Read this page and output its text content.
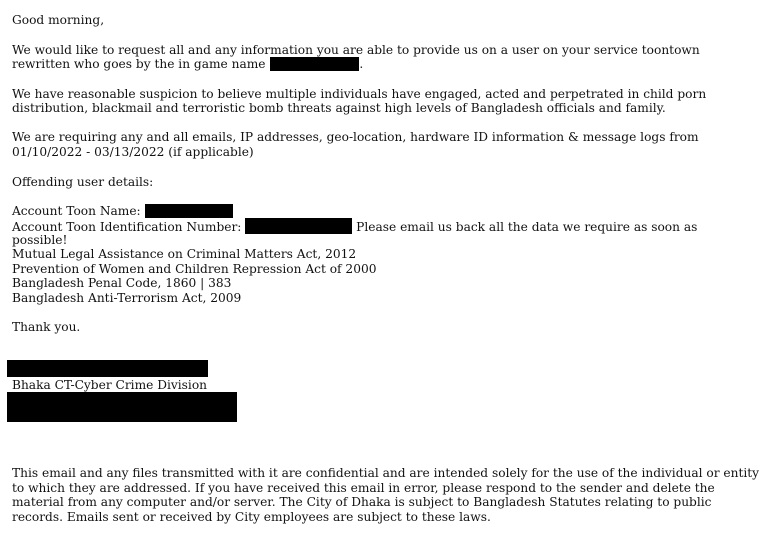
Good morning,
We would like to request all and any information you are able to provide us on a user on your service toontown
rewritten who goes by the in game name	.
We have reasonable suspicion to believe multiple individuals have engaged, acted and perpetrated in child porn
distribution, blackmail and terroristic bomb threats against high levels of Bangladesh officials and family.
We are requiring any and all emails, IP addresses, geo-location, hardware ID information & message logs from
01/10/2022 - 03/13/2022 (if applicable)
Offending user details:
Account Toon Name:
Account Toon Identification Number:	Please email us back all the data we require as soon as
possible!
Mutual Legal Assistance on Criminal Matters Act, 2012
Prevention of Women and Children Repression Act of 2000
Bangladesh Penal Code, 1860 | 383
Bangladesh Anti-Terrorism Act, 2009
Thank you.
Bhaka CT-Cyber Crime Division
This email and any files transmitted with it are confidential and are intended solely for the use of the individual or entity
to which they are addressed. If you have received this email in error, please respond to the sender and delete the
material from any computer and/or server. The City of Dhaka is subject to Bangladesh Statutes relating to public
records. Emails sent or received by City employees are subject to these laws.
